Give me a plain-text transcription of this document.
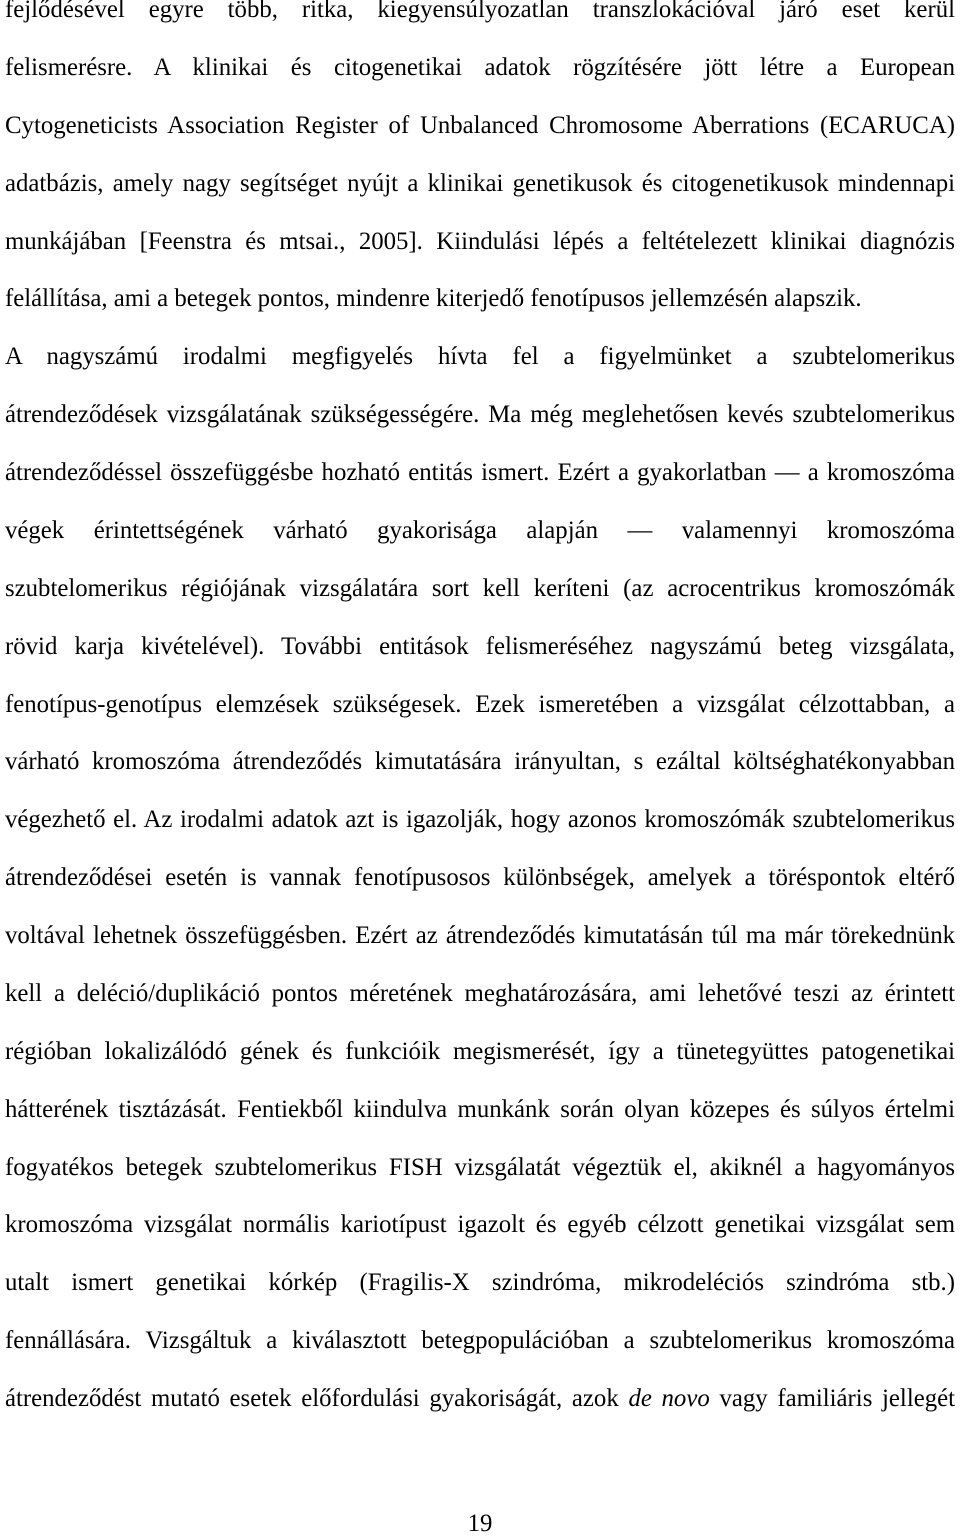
fejlődésével egyre több, ritka, kiegyensúlyozatlan transzlokációval járó eset kerül
felismerésre. A klinikai és citogenetikai adatok rögzítésére jött létre a European
Cytogeneticists Association Register of Unbalanced Chromosome Aberrations (ECARUCA)
adatbázis, amely nagy segítséget nyújt a klinikai genetikusok és citogenetikusok mindennapi
munkájában [Feenstra és mtsai., 2005]. Kiindulási lépés a feltételezett klinikai diagnózis
felállítása, ami a betegek pontos, mindenre kiterjedő fenotípusos jellemzésén alapszik.
A nagyszámú irodalmi megfigyelés hívta fel a figyelmünket a szubtelomerikus
átrendeződések vizsgálatának szükségességére. Ma még meglehetősen kevés szubtelomerikus
átrendeződéssel összefüggésbe hozható entitás ismert. Ezért a gyakorlatban — a kromoszóma
végek érintettségének várható gyakorisága alapján — valamennyi kromoszóma
szubtelomerikus régiójának vizsgálatára sort kell keríteni (az acrocentrikus kromoszómák
rövid karja kivételével). További entitások felismeréséhez nagyszámú beteg vizsgálata,
fenotípus-genotípus elemzések szükségesek. Ezek ismeretében a vizsgálat célzottabban, a
várható kromoszóma átrendeződés kimutatására irányultan, s ezáltal költséghatékonyabban
végezhető el. Az irodalmi adatok azt is igazolják, hogy azonos kromoszómák szubtelomerikus
átrendeződései esetén is vannak fenotípusosos különbségek, amelyek a töréspontok eltérő
voltával lehetnek összefüggésben. Ezért az átrendeződés kimutatásán túl ma már törekednünk
kell a deléció/duplikáció pontos méretének meghatározására, ami lehetővé teszi az érintett
régióban lokalizálódó gének és funkcióik megismerését, így a tünetegyüttes patogenetikai
hátterének tisztázását. Fentiekből kiindulva munkánk során olyan közepes és súlyos értelmi
fogyatékos betegek szubtelomerikus FISH vizsgálatát végeztük el, akiknél a hagyományos
kromoszóma vizsgálat normális kariotípust igazolt és egyéb célzott genetikai vizsgálat sem
utalt ismert genetikai kórkép (Fragilis-X szindróma, mikrodeléciós szindróma stb.)
fennállására. Vizsgáltuk a kiválasztott betegpopulációban a szubtelomerikus kromoszóma
átrendeződést mutató esetek előfordulási gyakoriságát, azok de novo vagy familiáris jellegét
19
